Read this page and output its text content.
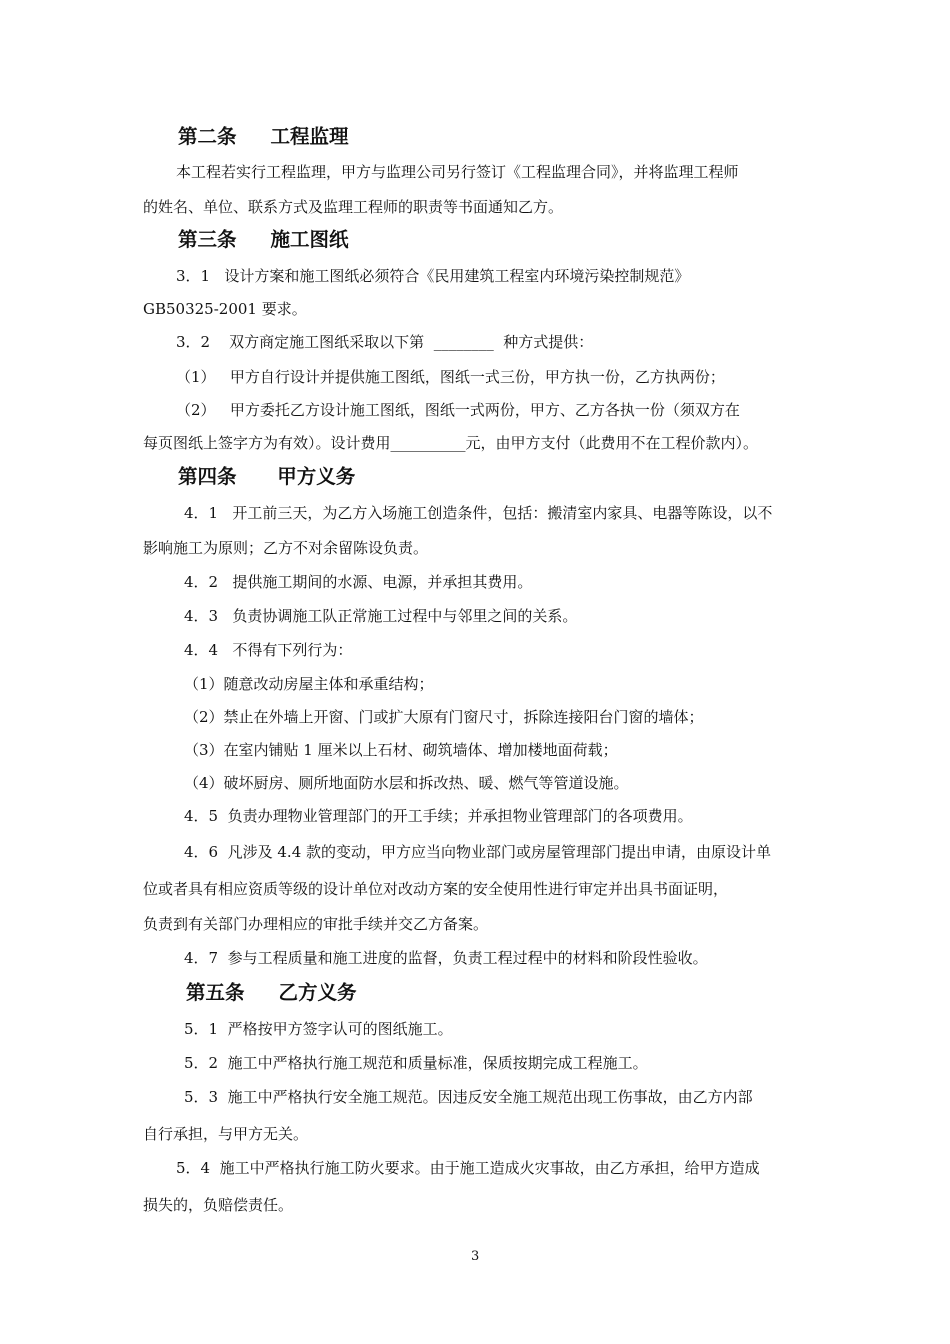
第二条     工程监理
本工程若实行工程监理，甲方与监理公司另行签订《工程监理合同》，并将监理工程师
的姓名、单位、联系方式及监理工程师的职责等书面通知乙方。
第三条     施工图纸
3．1   设计方案和施工图纸必须符合《民用建筑工程室内环境污染控制规范》
GB50325-2001 要求。
3．2    双方商定施工图纸采取以下第  ________  种方式提供：
（1）   甲方自行设计并提供施工图纸，图纸一式三份，甲方执一份，乙方执两份；
（2）   甲方委托乙方设计施工图纸，图纸一式两份，甲方、乙方各执一份（须双方在
每页图纸上签字方为有效）。设计费用__________元，由甲方支付（此费用不在工程价款内）。
第四条      甲方义务
4．1   开工前三天，为乙方入场施工创造条件，包括：搬清室内家具、电器等陈设，以不
影响施工为原则；乙方不对余留陈设负责。
4．2   提供施工期间的水源、电源，并承担其费用。
4．3   负责协调施工队正常施工过程中与邻里之间的关系。
4．4   不得有下列行为：
（1）随意改动房屋主体和承重结构；
（2）禁止在外墙上开窗、门或扩大原有门窗尺寸，拆除连接阳台门窗的墙体；
（3）在室内铺贴 1 厘米以上石材、砌筑墙体、增加楼地面荷载；
（4）破坏厨房、厕所地面防水层和拆改热、暖、燃气等管道设施。
4．5  负责办理物业管理部门的开工手续；并承担物业管理部门的各项费用。
4．6  凡涉及 4.4 款的变动，甲方应当向物业部门或房屋管理部门提出申请，由原设计单
位或者具有相应资质等级的设计单位对改动方案的安全使用性进行审定并出具书面证明，
负责到有关部门办理相应的审批手续并交乙方备案。
4．7  参与工程质量和施工进度的监督，负责工程过程中的材料和阶段性验收。
第五条     乙方义务
5．1  严格按甲方签字认可的图纸施工。
5．2  施工中严格执行施工规范和质量标准，保质按期完成工程施工。
5．3  施工中严格执行安全施工规范。因违反安全施工规范出现工伤事故，由乙方内部
自行承担，与甲方无关。
5．4  施工中严格执行施工防火要求。由于施工造成火灾事故，由乙方承担，给甲方造成
损失的，负赔偿责任。
3
